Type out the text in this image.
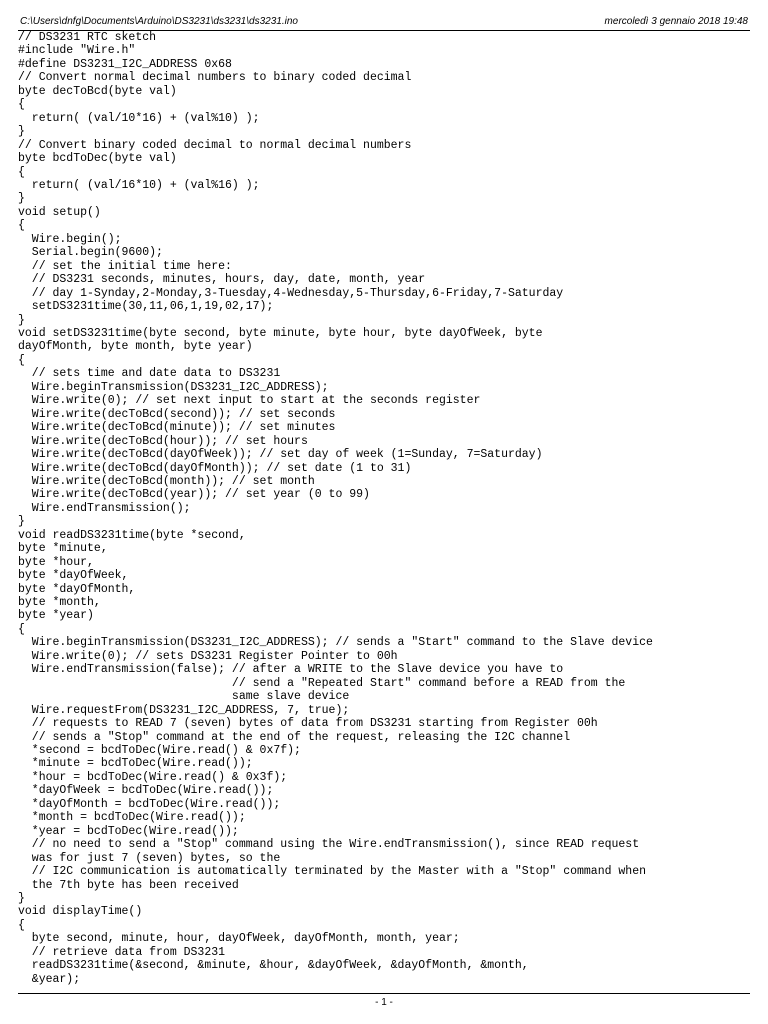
C:\Users\dnfg\Documents\Arduino\DS3231\ds3231\ds3231.ino	mercoledì 3 gennaio 2018 19:48
// DS3231 RTC sketch
#include "Wire.h"
#define DS3231_I2C_ADDRESS 0x68
// Convert normal decimal numbers to binary coded decimal
byte decToBcd(byte val)
{
return( (val/10*16) + (val%10) );
}
// Convert binary coded decimal to normal decimal numbers
byte bcdToDec(byte val)
{
return( (val/16*10) + (val%16) );
}
void setup()
{
Wire.begin();
Serial.begin(9600);
// set the initial time here:
// DS3231 seconds, minutes, hours, day, date, month, year
// day 1-Synday,2-Monday,3-Tuesday,4-Wednesday,5-Thursday,6-Friday,7-Saturday
setDS3231time(30,11,06,1,19,02,17);
}
void setDS3231time(byte second, byte minute, byte hour, byte dayOfWeek, byte
dayOfMonth, byte month, byte year)
{
// sets time and date data to DS3231
Wire.beginTransmission(DS3231_I2C_ADDRESS);
Wire.write(0); // set next input to start at the seconds register
Wire.write(decToBcd(second)); // set seconds
Wire.write(decToBcd(minute)); // set minutes
Wire.write(decToBcd(hour)); // set hours
Wire.write(decToBcd(dayOfWeek)); // set day of week (1=Sunday, 7=Saturday)
Wire.write(decToBcd(dayOfMonth)); // set date (1 to 31)
Wire.write(decToBcd(month)); // set month
Wire.write(decToBcd(year)); // set year (0 to 99)
Wire.endTransmission();
}
void readDS3231time(byte *second,
byte *minute,
byte *hour,
byte *dayOfWeek,
byte *dayOfMonth,
byte *month,
byte *year)
{
Wire.beginTransmission(DS3231_I2C_ADDRESS); // sends a "Start" command to the Slave device
Wire.write(0); // sets DS3231 Register Pointer to 00h
Wire.endTransmission(false); // after a WRITE to the Slave device you have to
// send a "Repeated Start" command before a READ from the
same slave device
Wire.requestFrom(DS3231_I2C_ADDRESS, 7, true);
// requests to READ 7 (seven) bytes of data from DS3231 starting from Register 00h
// sends a "Stop" command at the end of the request, releasing the I2C channel
*second = bcdToDec(Wire.read() & 0x7f);
*minute = bcdToDec(Wire.read());
*hour = bcdToDec(Wire.read() & 0x3f);
*dayOfWeek = bcdToDec(Wire.read());
*dayOfMonth = bcdToDec(Wire.read());
*month = bcdToDec(Wire.read());
*year = bcdToDec(Wire.read());
// no need to send a "Stop" command using the Wire.endTransmission(), since READ request
was for just 7 (seven) bytes, so the
// I2C communication is automatically terminated by the Master with a "Stop" command when
the 7th byte has been received
}
void displayTime()
{
byte second, minute, hour, dayOfWeek, dayOfMonth, month, year;
// retrieve data from DS3231
readDS3231time(&second, &minute, &hour, &dayOfWeek, &dayOfMonth, &month,
&year);
- 1 -
